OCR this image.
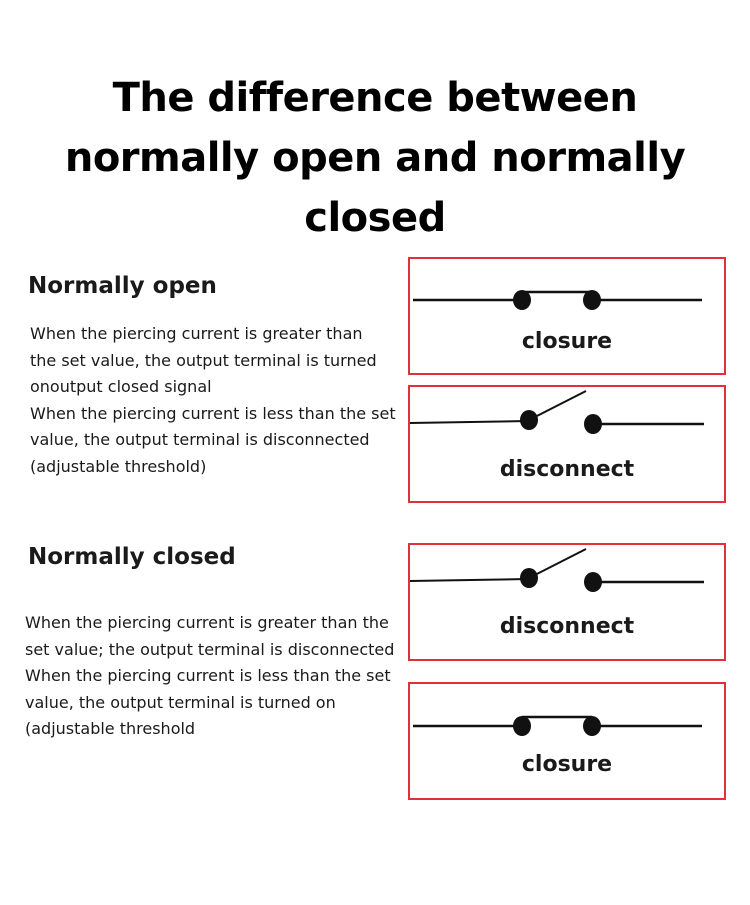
The difference between
normally open and normally closed
Normally open
When the piercing current is greater than
the set value, the output terminal is turned
onoutput closed signal
When the piercing current is less than the set
value, the output terminal is disconnected
(adjustable threshold)
closure
disconnect
Normally closed
When the piercing current is greater than the
set value; the output terminal is disconnected
When the piercing current is less than the set
value, the output terminal is turned on
(adjustable threshold
disconnect
closure
